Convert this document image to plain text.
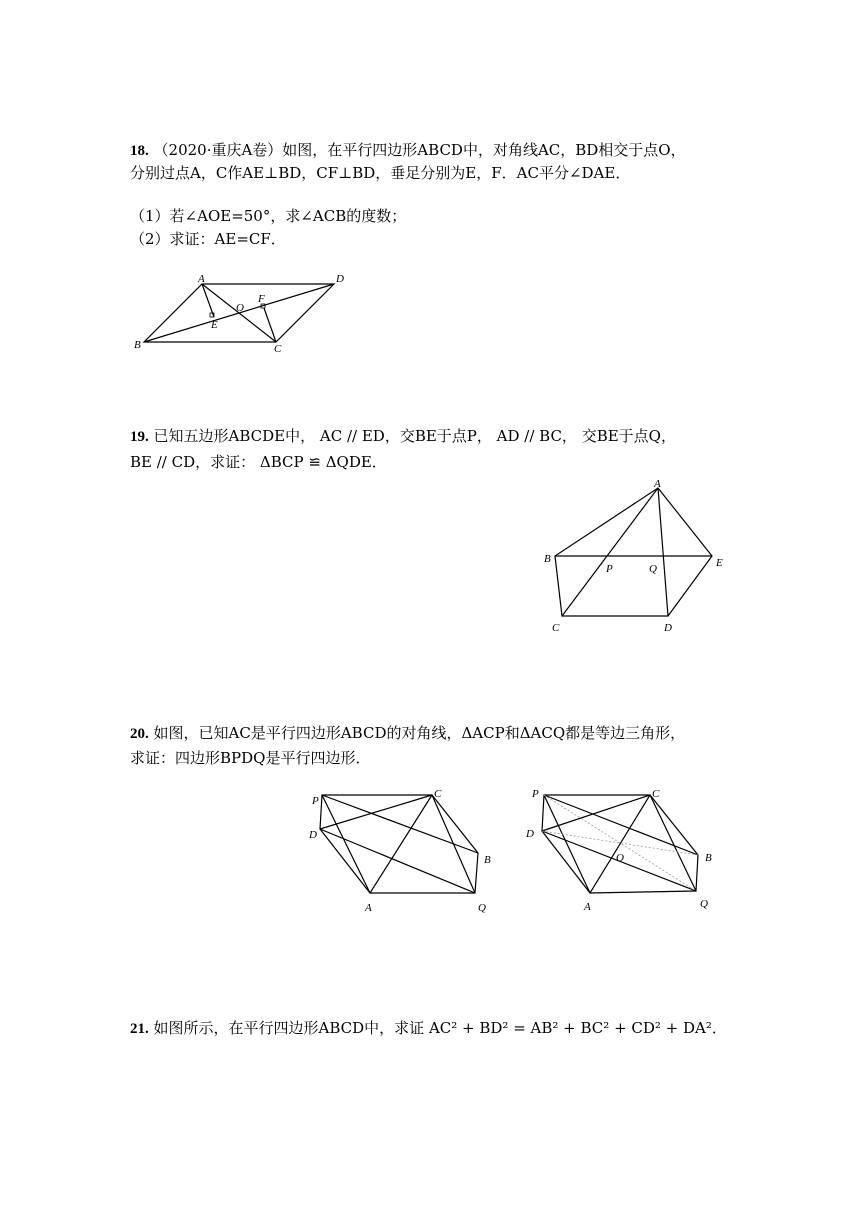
18. （2020·重庆A卷）如图，在平行四边形ABCD中，对角线AC，BD相交于点O，
分别过点A，C作AE⊥BD，CF⊥BD，垂足分别为E，F．AC平分∠DAE．
（1）若∠AOE=50°，求∠ACB的度数；
（2）求证：AE=CF．
A	D
B	C
O
E
F
19. 已知五边形ABCDE中， AC // ED，交BE于点P， AD // BC， 交BE于点Q，
BE // CD，求证： ΔBCP ≌ ΔQDE．
A
B	E
P	Q
C	D
20. 如图，已知AC是平行四边形ABCD的对角线，ΔACP和ΔACQ都是等边三角形，
求证：四边形BPDQ是平行四边形．
P
C
D
B
A	Q
P	C
D
O	B
A	Q
21. 如图所示，在平行四边形ABCD中，求证 AC² + BD² = AB² + BC² + CD² + DA²．
